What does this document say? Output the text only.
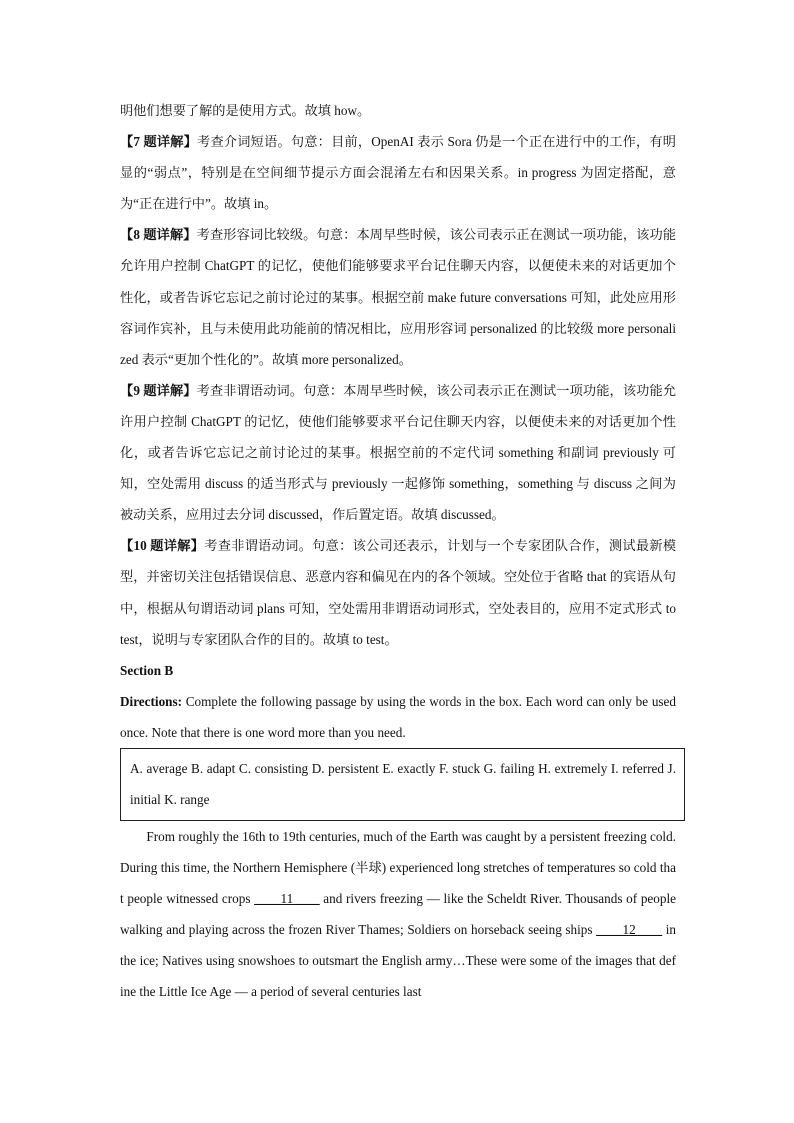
明他们想要了解的是使用方式。故填 how。

【7 题详解】考查介词短语。句意：目前，OpenAI 表示 Sora 仍是一个正在进行中的工作，有明显的“弱点”，特别是在空间细节提示方面会混淆左右和因果关系。in progress 为固定搭配，意为“正在进行中”。故填 in。

【8 题详解】考查形容词比较级。句意：本周早些时候，该公司表示正在测试一项功能，该功能允许用户控制 ChatGPT 的记忆，使他们能够要求平台记住聊天内容，以便使未来的对话更加个性化，或者告诉它忘记之前讨论过的某事。根据空前 make future conversations 可知，此处应用形容词作宾补，且与未使用此功能前的情况相比，应用形容词 personalized 的比较级 more personalized 表示“更加个性化的”。故填 more personalized。

【9 题详解】考查非谓语动词。句意：本周早些时候，该公司表示正在测试一项功能，该功能允许用户控制 ChatGPT 的记忆，使他们能够要求平台记住聊天内容，以便使未来的对话更加个性化，或者告诉它忘记之前讨论过的某事。根据空前的不定代词 something 和副词 previously 可知，空处需用 discuss 的适当形式与 previously 一起修饰 something，something 与 discuss 之间为被动关系，应用过去分词 discussed，作后置定语。故填 discussed。

【10 题详解】考查非谓语动词。句意：该公司还表示，计划与一个专家团队合作，测试最新模型，并密切关注包括错误信息、恶意内容和偏见在内的各个领域。空处位于省略 that 的宾语从句中，根据从句谓语动词 plans 可知，空处需用非谓语动词形式，空处表目的，应用不定式形式 to test，说明与专家团队合作的目的。故填 to test。

Section B

Directions: Complete the following passage by using the words in the box. Each word can only be used once. Note that there is one word more than you need.

A. average B. adapt C. consisting D. persistent E. exactly F. stuck G. failing H. extremely I. referred J. initial K. range

From roughly the 16th to 19th centuries, much of the Earth was caught by a persistent freezing cold. During this time, the Northern Hemisphere (半球) experienced long stretches of temperatures so cold that people witnessed crops ____11____ and rivers freezing — like the Scheldt River. Thousands of people walking and playing across the frozen River Thames; Soldiers on horseback seeing ships ____12____ in the ice; Natives using snowshoes to outsmart the English army…These were some of the images that define the Little Ice Age — a period of several centuries last
